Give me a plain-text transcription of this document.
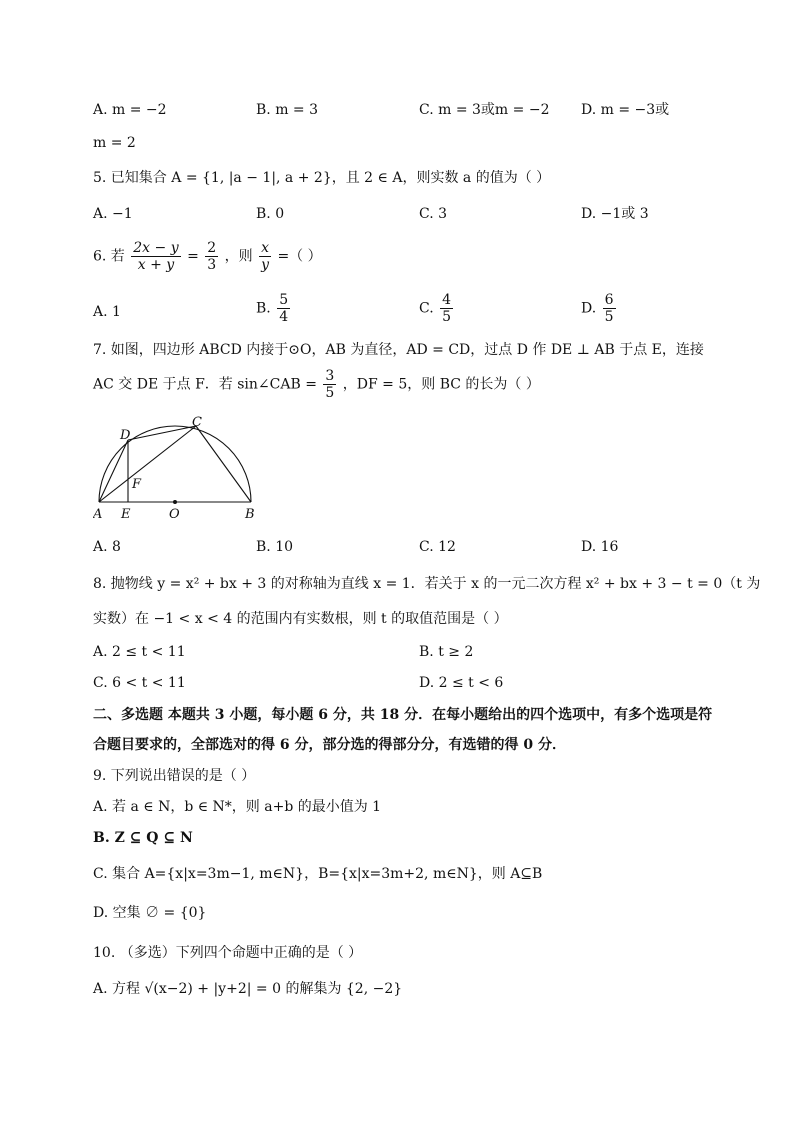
A. m = −2	B. m = 3	C. m = 3或m = −2 D. m = −3或
m = 2
5. 已知集合 A = {1, |a − 1|, a + 2}，且 2 ∈ A，则实数 a 的值为（ ）
A. −1	B. 0	C. 3	D. −1或 3
6. 若 $\frac{2x - y}{x + y} = \frac{2}{3}$ ，则 $\frac{x}{y}$ =（ ）
A. 1	B. $\frac{5}{4}$	C. $\frac{4}{5}$	D. $\frac{6}{5}$
7. 如图，四边形 ABCD 内接于⊙O，AB 为直径，AD = CD，过点 D 作 DE ⊥ AB 于点 E，连接
AC 交 DE 于点 F．若 sin∠CAB = $\frac{3}{5}$ ，DF = 5，则 BC 的长为（ ）
A E	O	B
D
C
F
A. 8	B. 10	C. 12	D. 16
8. 抛物线 y = x² + bx + 3 的对称轴为直线 x = 1．若关于 x 的一元二次方程 x² + bx + 3 − t = 0（t 为
实数）在 −1 < x < 4 的范围内有实数根，则 t 的取值范围是（ ）
A. 2 ≤ t < 11	B. t ≥ 2
C. 6 < t < 11	D. 2 ≤ t < 6
二、多选题 本题共 3 小题，每小题 6 分，共 18 分．在每小题给出的四个选项中，有多个选项是符
合题目要求的，全部选对的得 6 分，部分选的得部分分，有选错的得 0 分．
9. 下列说出错误的是（ ）
A. 若 a ∈ N，b ∈ N*，则 a+b 的最小值为 1
B. Z ⊆ Q ⊆ N
C. 集合 A={x|x=3m−1, m∈N}，B={x|x=3m+2, m∈N}，则 A⊆B
D. 空集 ∅ = {0}
10. （多选）下列四个命题中正确的是（ ）
A. 方程 √(x−2) + |y+2| = 0 的解集为 {2, −2}
